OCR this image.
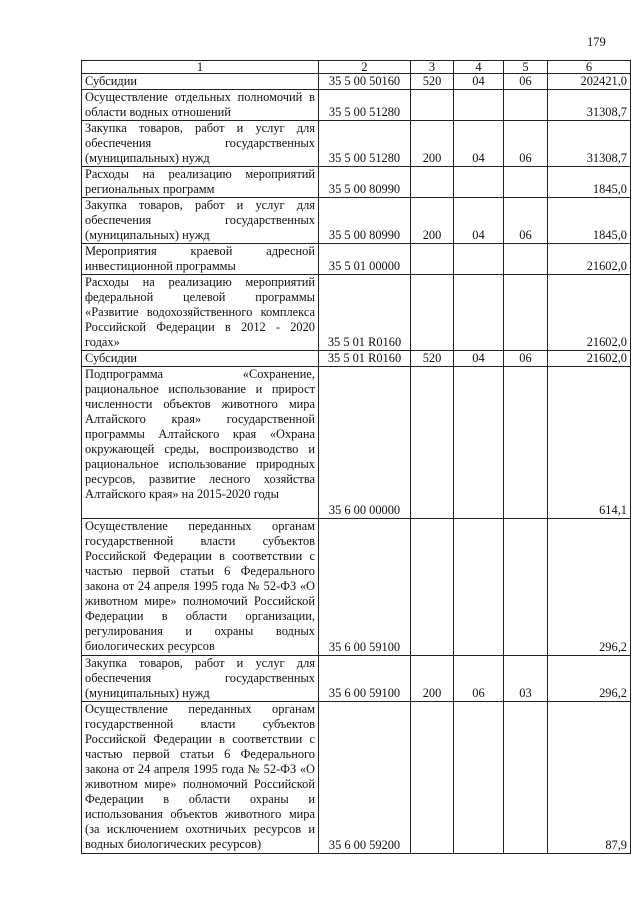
179
1	2	3	4	5	6
Субсидии	35 5 00 50160	520	04	06	202421,0
Осуществление отдельных полномочий в области водных отношений	35 5 00 51280				31308,7
Закупка товаров, работ и услуг для обеспечения государственных (муниципальных) нужд	35 5 00 51280	200	04	06	31308,7
Расходы на реализацию мероприятий региональных программ	35 5 00 80990				1845,0
Закупка товаров, работ и услуг для обеспечения государственных (муниципальных) нужд	35 5 00 80990	200	04	06	1845,0
Мероприятия краевой адресной инвестиционной программы	35 5 01 00000				21602,0
Расходы на реализацию мероприятий федеральной целевой программы «Развитие водохозяйственного комплекса Российской Федерации в 2012 - 2020 годах»	35 5 01 R0160				21602,0
Субсидии	35 5 01 R0160	520	04	06	21602,0
Подпрограмма «Сохранение, рациональное использование и прирост численности объектов животного мира Алтайского края» государственной программы Алтайского края «Охрана окружающей среды, воспроизводство и рациональное использование природных ресурсов, развитие лесного хозяйства Алтайского края» на 2015-2020 годы	35 6 00 00000				614,1
Осуществление переданных органам государственной власти субъектов Российской Федерации в соответствии с частью первой статьи 6 Федерального закона от 24 апреля 1995 года № 52-ФЗ «О животном мире» полномочий Российской Федерации в области организации, регулирования и охраны водных биологических ресурсов	35 6 00 59100				296,2
Закупка товаров, работ и услуг для обеспечения государственных (муниципальных) нужд	35 6 00 59100	200	06	03	296,2
Осуществление переданных органам государственной власти субъектов Российской Федерации в соответствии с частью первой статьи 6 Федерального закона от 24 апреля 1995 года № 52-ФЗ «О животном мире» полномочий Российской Федерации в области охраны и использования объектов животного мира (за исключением охотничьих ресурсов и водных биологических ресурсов)	35 6 00 59200				87,9
